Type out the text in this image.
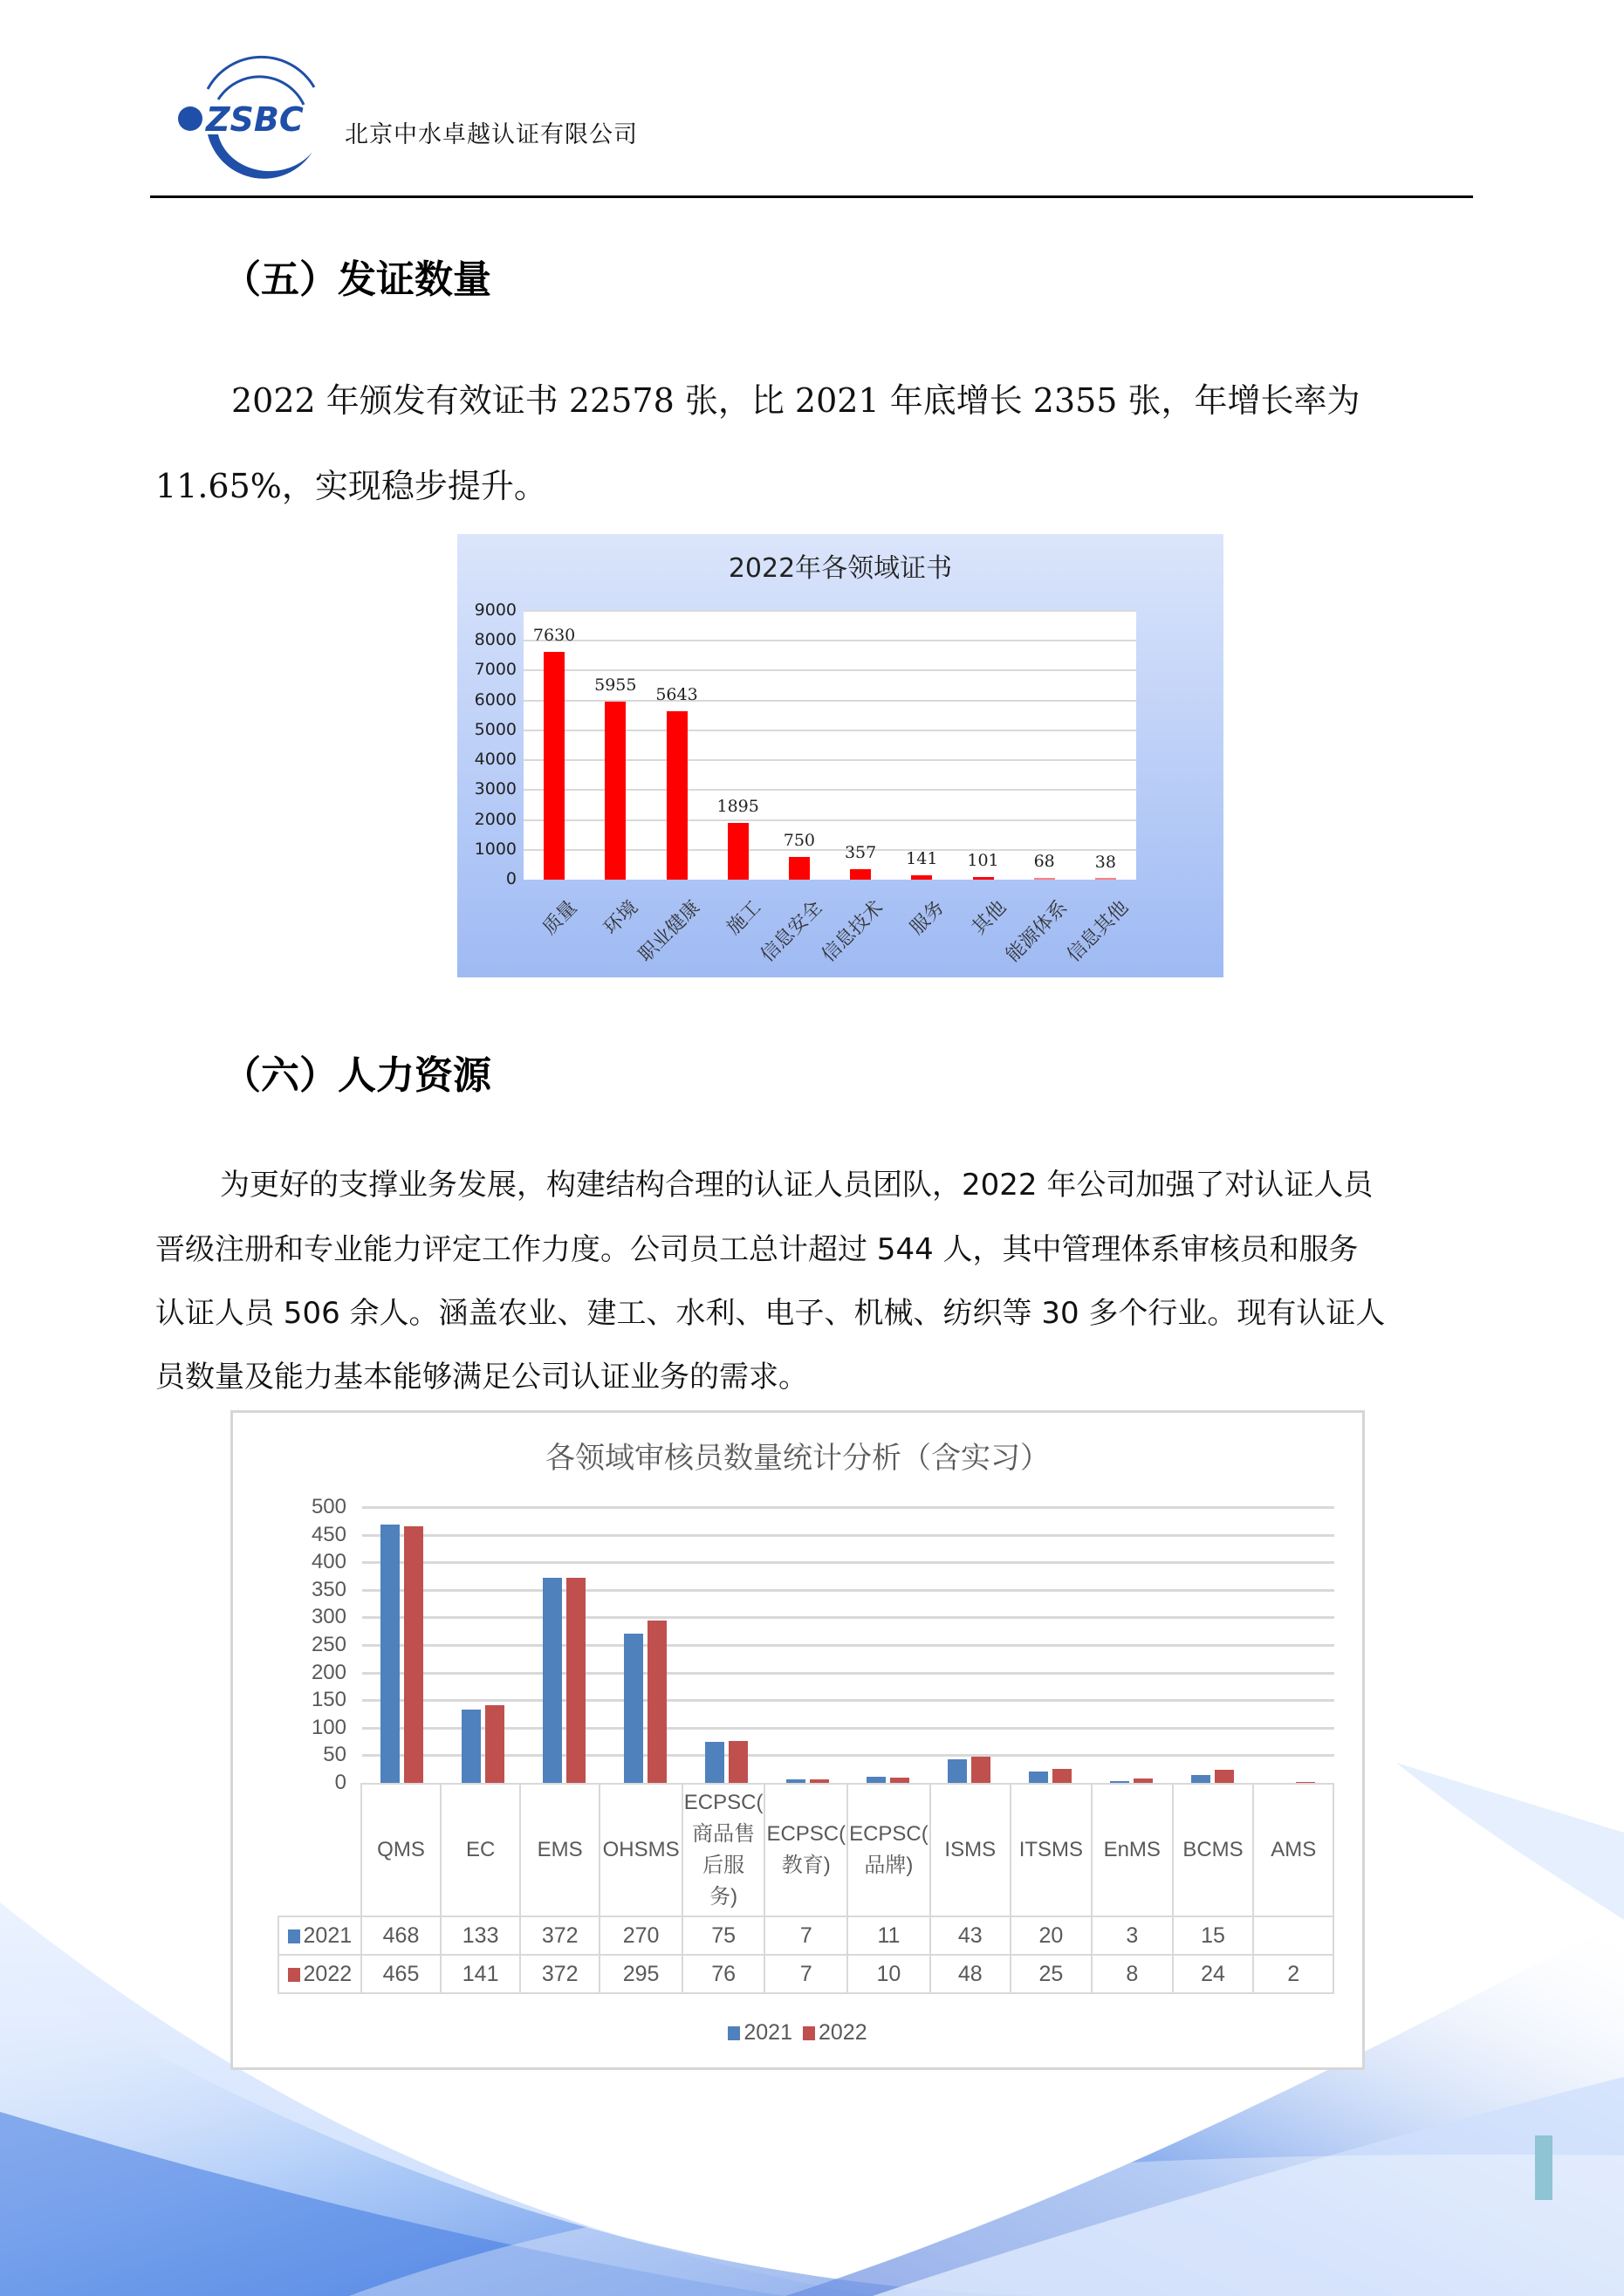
ZSBC 北京中水卓越认证有限公司
（五）发证数量
2022 年颁发有效证书 22578 张，比 2021 年底增长 2355 张，年增长率为
11.65%，实现稳步提升。
2022年各领域证书
9000
8000
7000
6000
5000
4000
3000
2000
1000
0
7630
5955	5643
1895
750
357	141	101	68	38
质量 环境
职业健康 施工
信息安全
信息技术 服务 其他
能源体系
信息其他
（六）人力资源
为更好的支撑业务发展，构建结构合理的认证人员团队，2022 年公司加强了对认证人员
晋级注册和专业能力评定工作力度。公司员工总计超过 544 人，其中管理体系审核员和服务
认证人员 506 余人。涵盖农业、建工、水利、电子、机械、纺织等 30 多个行业。现有认证人
员数量及能力基本能够满足公司认证业务的需求。
各领域审核员数量统计分析（含实习）
500
450
400
350
300
250
200
150
100
50
0
	QMS	EC	EMS	OHSMS	ECPSC(
商品售
后服
务)	ECPSC(
教育)	ECPSC(
品牌)	ISMS	ITSMS	EnMS	BCMS	AMS
2021	468	133	372	270	75	7	11	43	20	3	15	
2022	465	141	372	295	76	7	10	48	25	8	24	2
2021 2022
